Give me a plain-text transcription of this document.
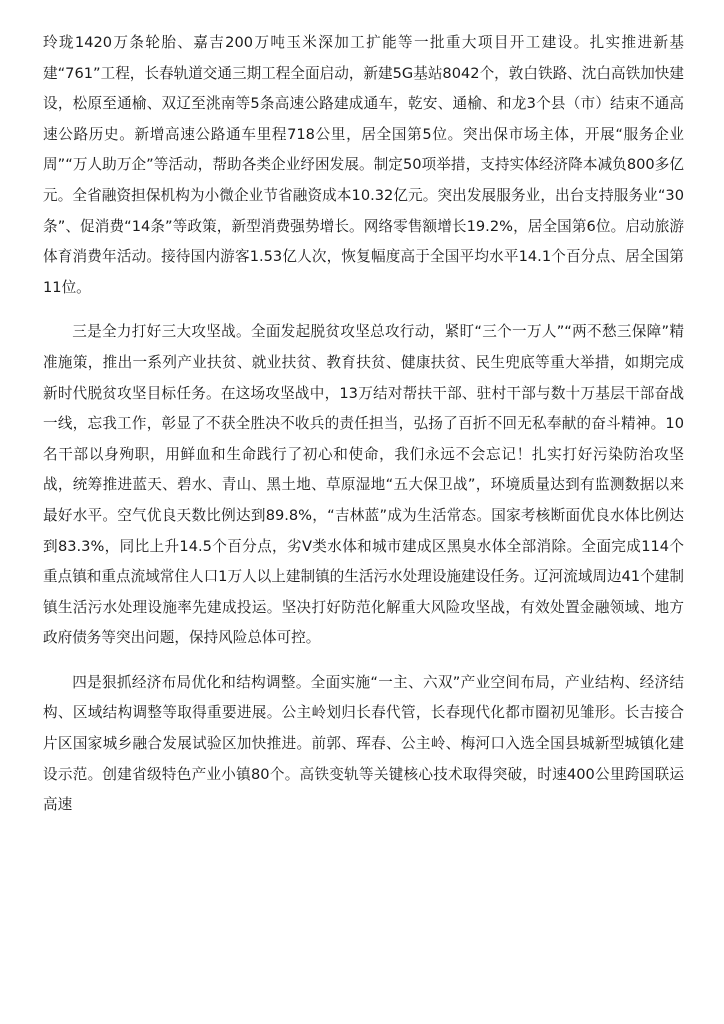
玲珑1420万条轮胎、嘉吉200万吨玉米深加工扩能等一批重大项目开工建设。扎实推进新基建“761”工程，长春轨道交通三期工程全面启动，新建5G基站8042个，敦白铁路、沈白高铁加快建设，松原至通榆、双辽至洮南等5条高速公路建成通车，乾安、通榆、和龙3个县（市）结束不通高速公路历史。新增高速公路通车里程718公里，居全国第5位。突出保市场主体，开展“服务企业周”“万人助万企”等活动，帮助各类企业纾困发展。制定50项举措，支持实体经济降本减负800多亿元。全省融资担保机构为小微企业节省融资成本10.32亿元。突出发展服务业，出台支持服务业“30条”、促消费“14条”等政策，新型消费强势增长。网络零售额增长19.2%，居全国第6位。启动旅游体育消费年活动。接待国内游客1.53亿人次，恢复幅度高于全国平均水平14.1个百分点、居全国第11位。

三是全力打好三大攻坚战。全面发起脱贫攻坚总攻行动，紧盯“三个一万人”“两不愁三保障”精准施策，推出一系列产业扶贫、就业扶贫、教育扶贫、健康扶贫、民生兜底等重大举措，如期完成新时代脱贫攻坚目标任务。在这场攻坚战中，13万结对帮扶干部、驻村干部与数十万基层干部奋战一线，忘我工作，彰显了不获全胜决不收兵的责任担当，弘扬了百折不回无私奉献的奋斗精神。10名干部以身殉职，用鲜血和生命践行了初心和使命，我们永远不会忘记！扎实打好污染防治攻坚战，统筹推进蓝天、碧水、青山、黑土地、草原湿地“五大保卫战”，环境质量达到有监测数据以来最好水平。空气优良天数比例达到89.8%，“吉林蓝”成为生活常态。国家考核断面优良水体比例达到83.3%，同比上升14.5个百分点，劣Ⅴ类水体和城市建成区黑臭水体全部消除。全面完成114个重点镇和重点流域常住人口1万人以上建制镇的生活污水处理设施建设任务。辽河流域周边41个建制镇生活污水处理设施率先建成投运。坚决打好防范化解重大风险攻坚战，有效处置金融领域、地方政府债务等突出问题，保持风险总体可控。

四是狠抓经济布局优化和结构调整。全面实施“一主、六双”产业空间布局，产业结构、经济结构、区域结构调整等取得重要进展。公主岭划归长春代管，长春现代化都市圈初见雏形。长吉接合片区国家城乡融合发展试验区加快推进。前郭、珲春、公主岭、梅河口入选全国县城新型城镇化建设示范。创建省级特色产业小镇80个。高铁变轨等关键核心技术取得突破，时速400公里跨国联运高速
